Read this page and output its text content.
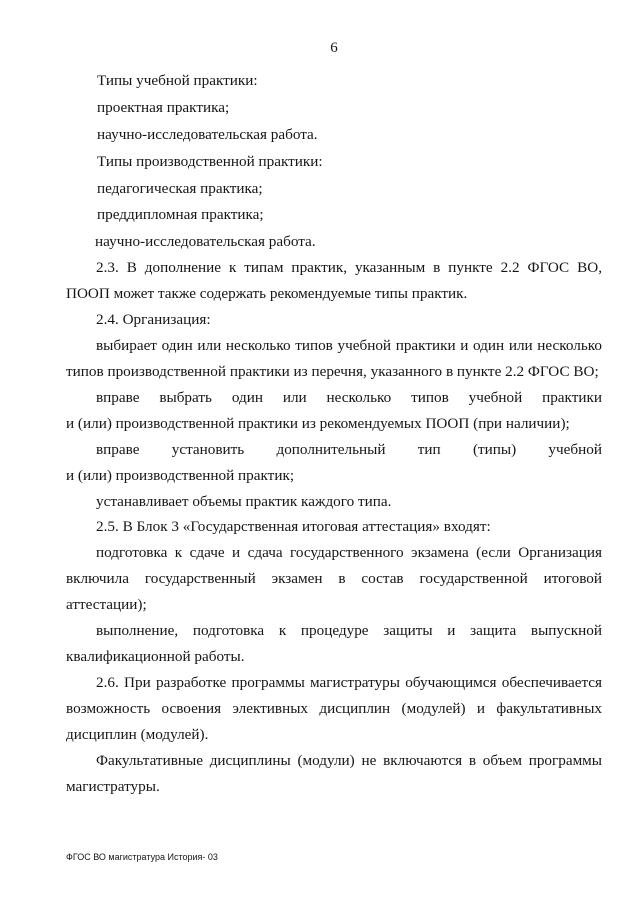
6
Типы учебной практики:
проектная практика;
научно-исследовательская работа.
Типы производственной практики:
педагогическая практика;
преддипломная практика;
научно-исследовательская работа.
2.3. В дополнение к типам практик, указанным в пункте 2.2 ФГОС ВО,
ПООП может также содержать рекомендуемые типы практик.
2.4. Организация:
выбирает один или несколько типов учебной практики и один или несколько
типов производственной практики из перечня, указанного в пункте 2.2 ФГОС ВО;
вправе выбрать один или несколько типов учебной практики
и (или) производственной практики из рекомендуемых ПООП (при наличии);
вправе установить дополнительный тип (типы) учебной
и (или) производственной практик;
устанавливает объемы практик каждого типа.
2.5. В Блок 3 «Государственная итоговая аттестация» входят:
подготовка к сдаче и сдача государственного экзамена (если Организация
включила государственный экзамен в состав государственной итоговой
аттестации);
выполнение, подготовка к процедуре защиты и защита выпускной
квалификационной работы.
2.6. При разработке программы магистратуры обучающимся обеспечивается
возможность освоения элективных дисциплин (модулей) и факультативных
дисциплин (модулей).
Факультативные дисциплины (модули) не включаются в объем программы
магистратуры.
ФГОС ВО магистратура История- 03
